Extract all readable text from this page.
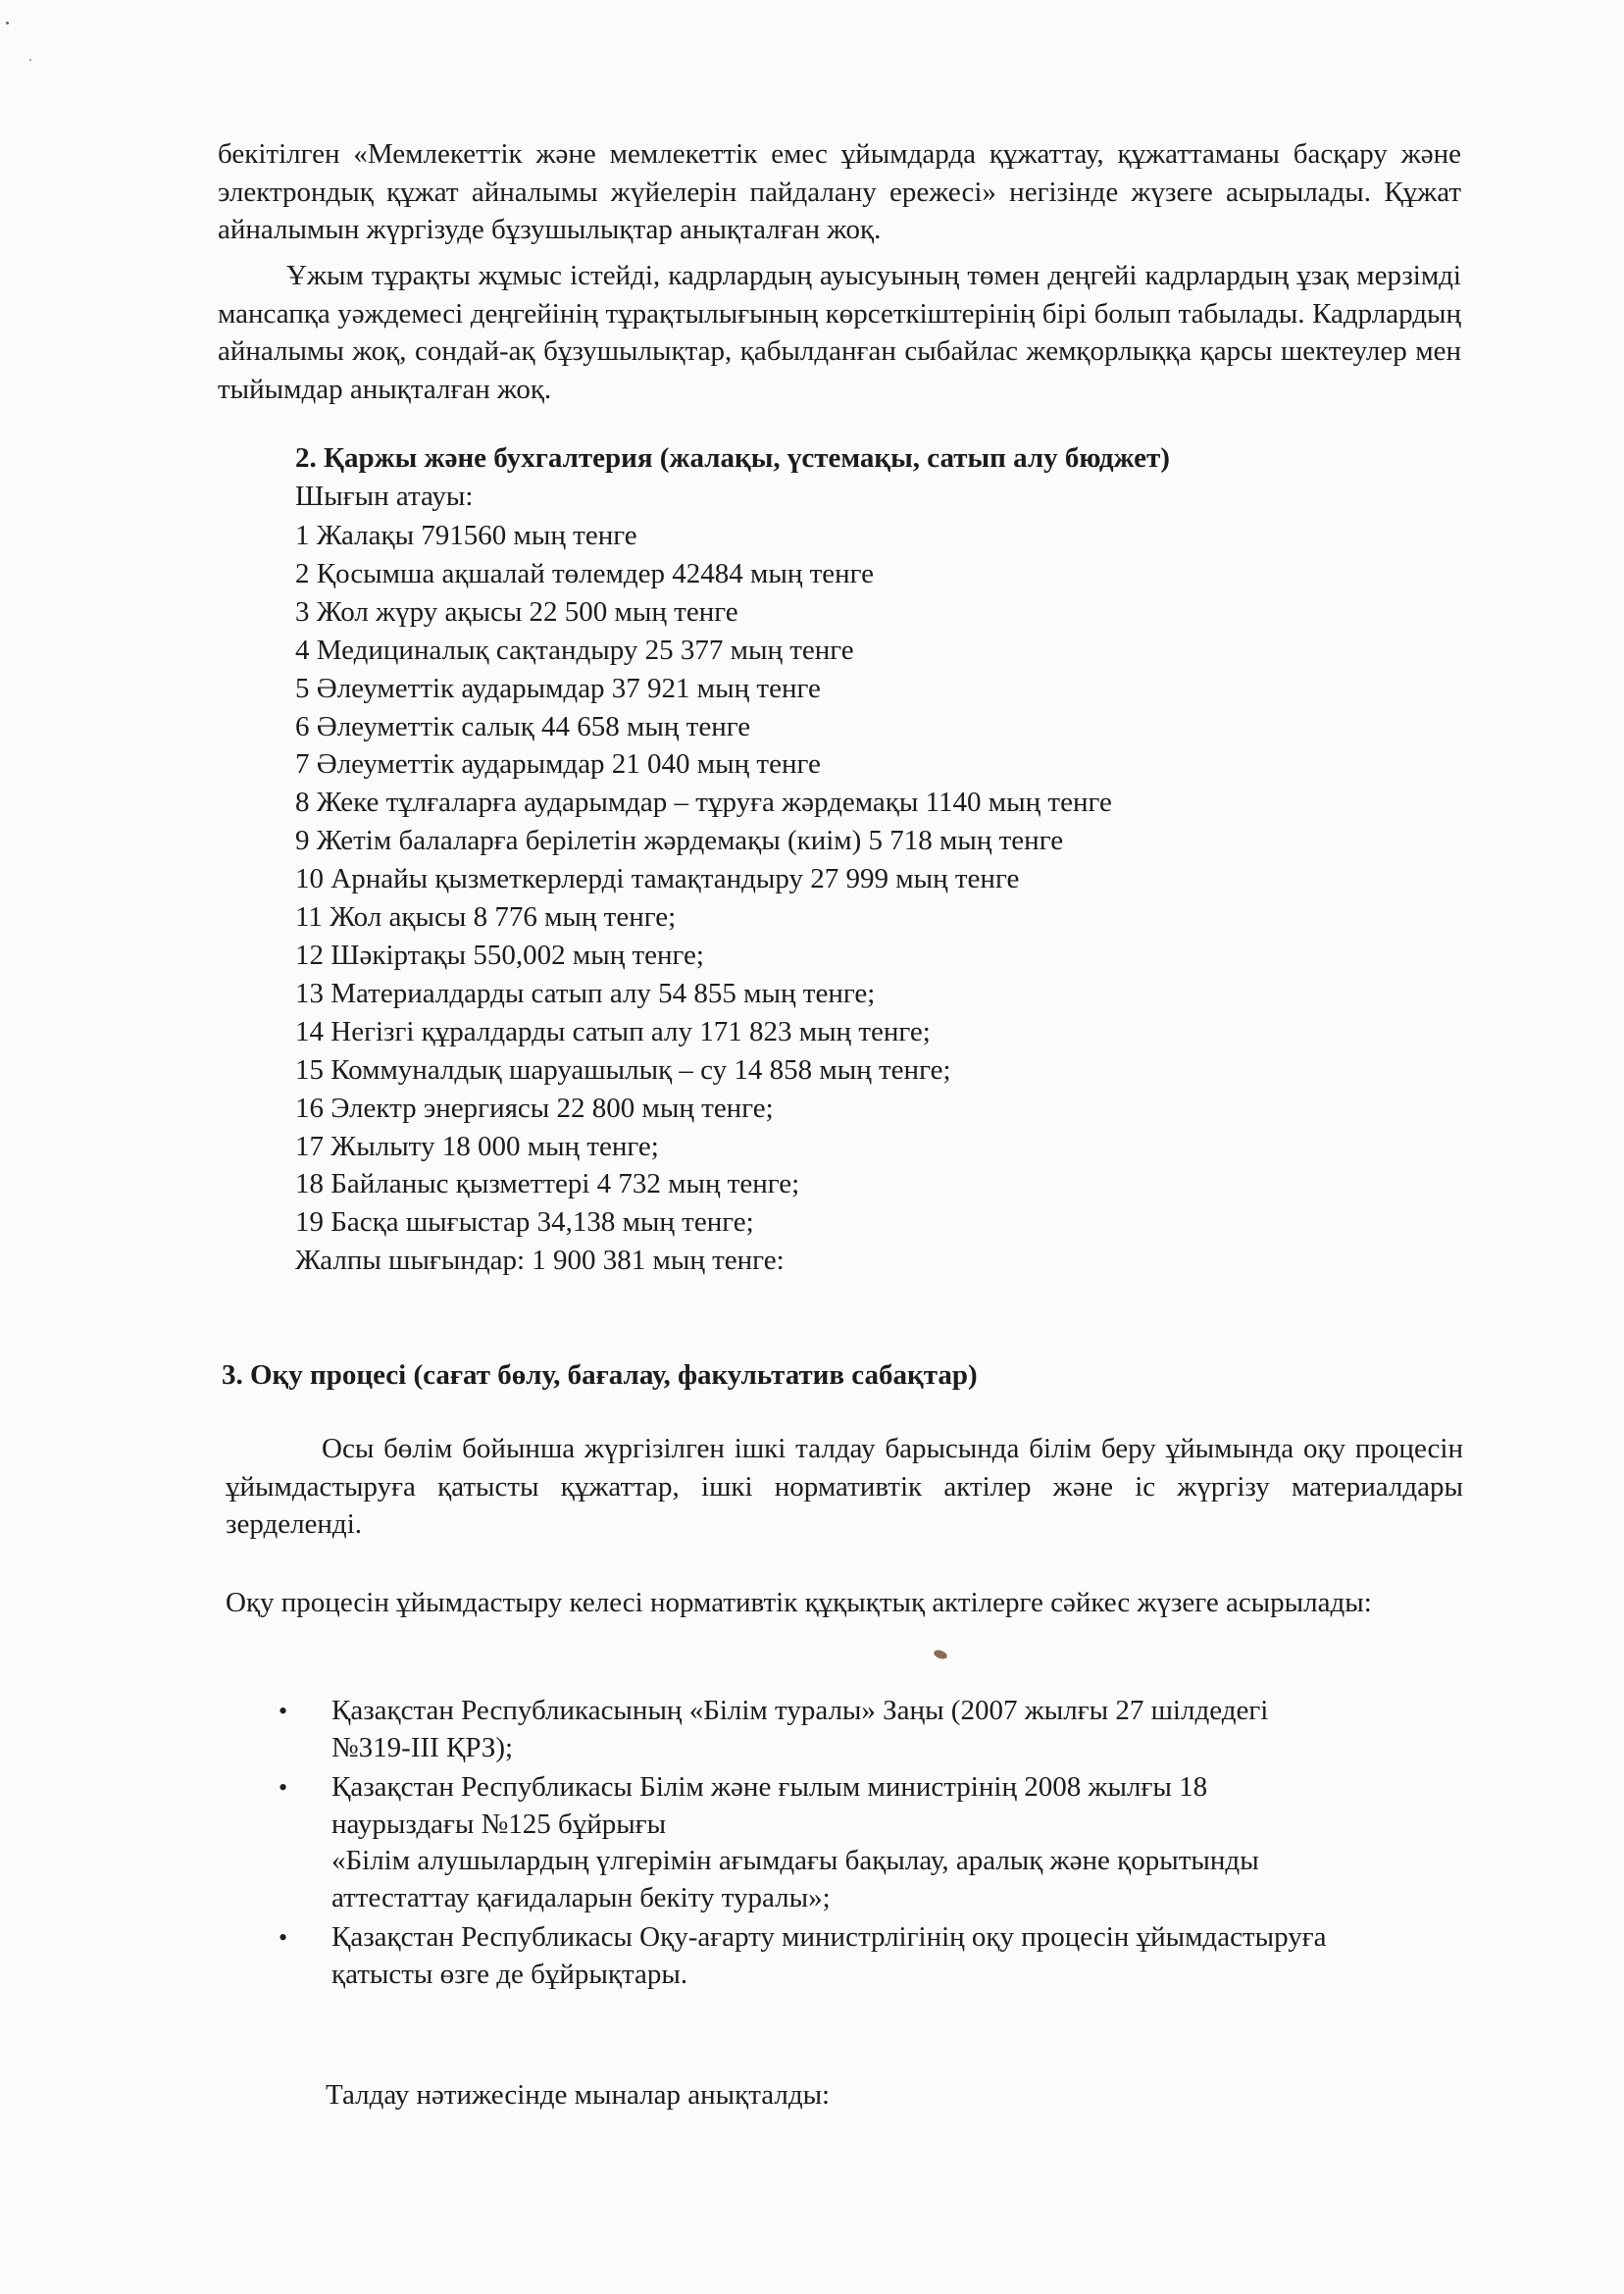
бекітілген «Мемлекеттік және мемлекеттік емес ұйымдарда құжаттау, құжаттаманы басқару және электрондық құжат айналымы жүйелерін пайдалану ережесі» негізінде жүзеге асырылады. Құжат айналымын жүргізуде бұзушылықтар анықталған жоқ.

Ұжым тұрақты жұмыс істейді, кадрлардың ауысуының төмен деңгейі кадрлардың ұзақ мерзімді мансапқа уәждемесі деңгейінің тұрақтылығының көрсеткіштерінің бірі болып табылады. Кадрлардың айналымы жоқ, сондай-ақ бұзушылықтар, қабылданған сыбайлас жемқорлыққа қарсы шектеулер мен тыйымдар анықталған жоқ.

2. Қаржы және бухгалтерия (жалақы, үстемақы, сатып алу бюджет)

Шығын атауы:

1 Жалақы 791560 мың тенге
2 Қосымша ақшалай төлемдер 42484 мың тенге
3 Жол жүру ақысы 22 500 мың тенге
4 Медициналық сақтандыру 25 377 мың тенге
5 Әлеуметтік аударымдар 37 921 мың тенге
6 Әлеуметтік салық 44 658 мың тенге
7 Әлеуметтік аударымдар 21 040 мың тенге
8 Жеке тұлғаларға аударымдар – тұруға жәрдемақы 1140 мың тенге
9 Жетім балаларға берілетін жәрдемақы (киім) 5 718 мың тенге
10 Арнайы қызметкерлерді тамақтандыру 27 999 мың тенге
11 Жол ақысы 8 776 мың тенге;
12 Шәкіртақы 550,002 мың тенге;
13 Материалдарды сатып алу 54 855 мың тенге;
14 Негізгі құралдарды сатып алу 171 823 мың тенге;
15 Коммуналдық шаруашылық – су 14 858 мың тенге;
16 Электр энергиясы 22 800 мың тенге;
17 Жылыту 18 000 мың тенге;
18 Байланыс қызметтері 4 732 мың тенге;
19 Басқа шығыстар 34,138 мың тенге;
Жалпы шығындар: 1 900 381 мың тенге:
3. Оқу процесі (сағат бөлу, бағалау, факультатив сабақтар)

Осы бөлім бойынша жүргізілген ішкі талдау барысында білім беру ұйымында оқу процесін ұйымдастыруға қатысты құжаттар, ішкі нормативтік актілер және іс жүргізу материалдары зерделенді.

Оқу процесін ұйымдастыру келесі нормативтік құқықтық актілерге сәйкес жүзеге асырылады:

• Қазақстан Республикасының «Білім туралы» Заңы (2007 жылғы 27 шілдедегі
№319-ІІІ ҚРЗ);
• Қазақстан Республикасы Білім және ғылым министрінің 2008 жылғы 18
наурыздағы №125 бұйрығы
«Білім алушылардың үлгерімін ағымдағы бақылау, аралық және қорытынды
аттестаттау қағидаларын бекіту туралы»;
• Қазақстан Республикасы Оқу-ағарту министрлігінің оқу процесін ұйымдастыруға
қатысты өзге де бұйрықтары.

Талдау нәтижесінде мыналар анықталды:
